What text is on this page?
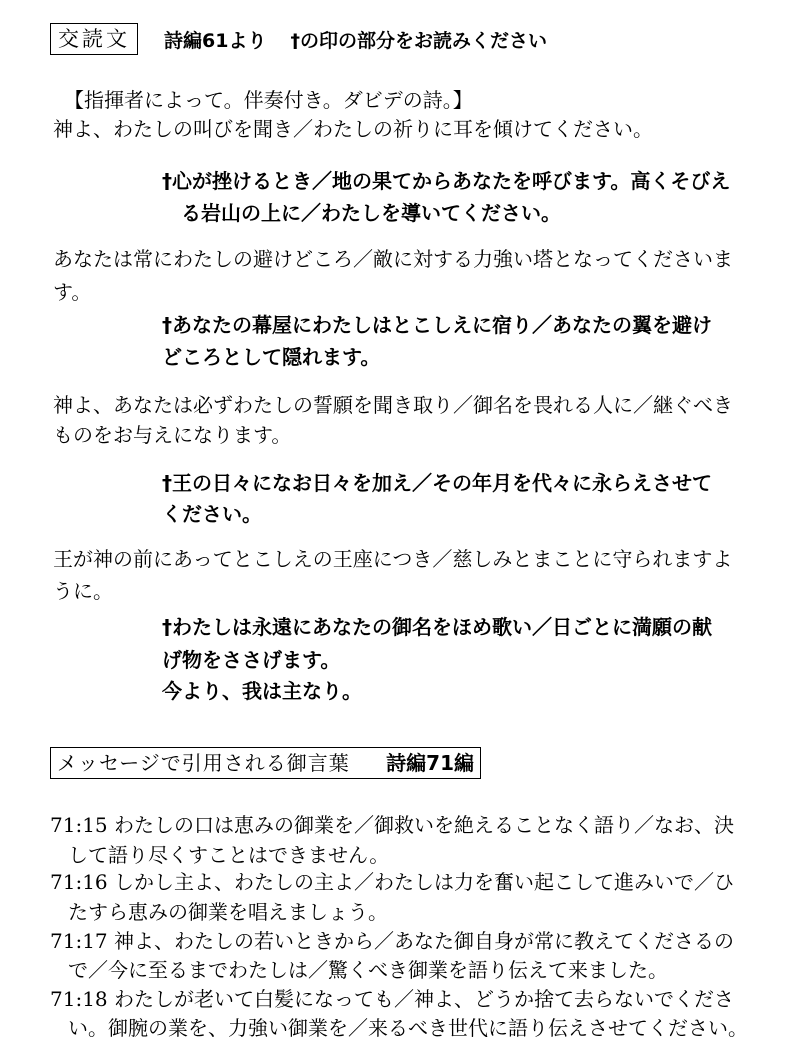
交読文	詩編61より †の印の部分をお読みください
【指揮者によって。伴奏付き。ダビデの詩。】
神よ、わたしの叫びを聞き／わたしの祈りに耳を傾けてください。
†心が挫けるとき／地の果てからあなたを呼びます。高くそびえ
る岩山の上に／わたしを導いてください。
あなたは常にわたしの避けどころ／敵に対する力強い塔となってくださいま
す。
†あなたの幕屋にわたしはとこしえに宿り／あなたの翼を避け
どころとして隠れます。
神よ、あなたは必ずわたしの誓願を聞き取り／御名を畏れる人に／継ぐべき
ものをお与えになります。
†王の日々になお日々を加え／その年月を代々に永らえさせて
ください。
王が神の前にあってとこしえの王座につき／慈しみとまことに守られますよ
うに。
†わたしは永遠にあなたの御名をほめ歌い／日ごとに満願の献
げ物をささげます。
今より、我は主なり。
メッセージで引用される御言葉 詩編71編
71:15 わたしの口は恵みの御業を／御救いを絶えることなく語り／なお、決
して語り尽くすことはできません。
71:16 しかし主よ、わたしの主よ／わたしは力を奮い起こして進みいで／ひ
たすら恵みの御業を唱えましょう。
71:17 神よ、わたしの若いときから／あなた御自身が常に教えてくださるの
で／今に至るまでわたしは／驚くべき御業を語り伝えて来ました。
71:18 わたしが老いて白髪になっても／神よ、どうか捨て去らないでくださ
い。御腕の業を、力強い御業を／来るべき世代に語り伝えさせてください。
